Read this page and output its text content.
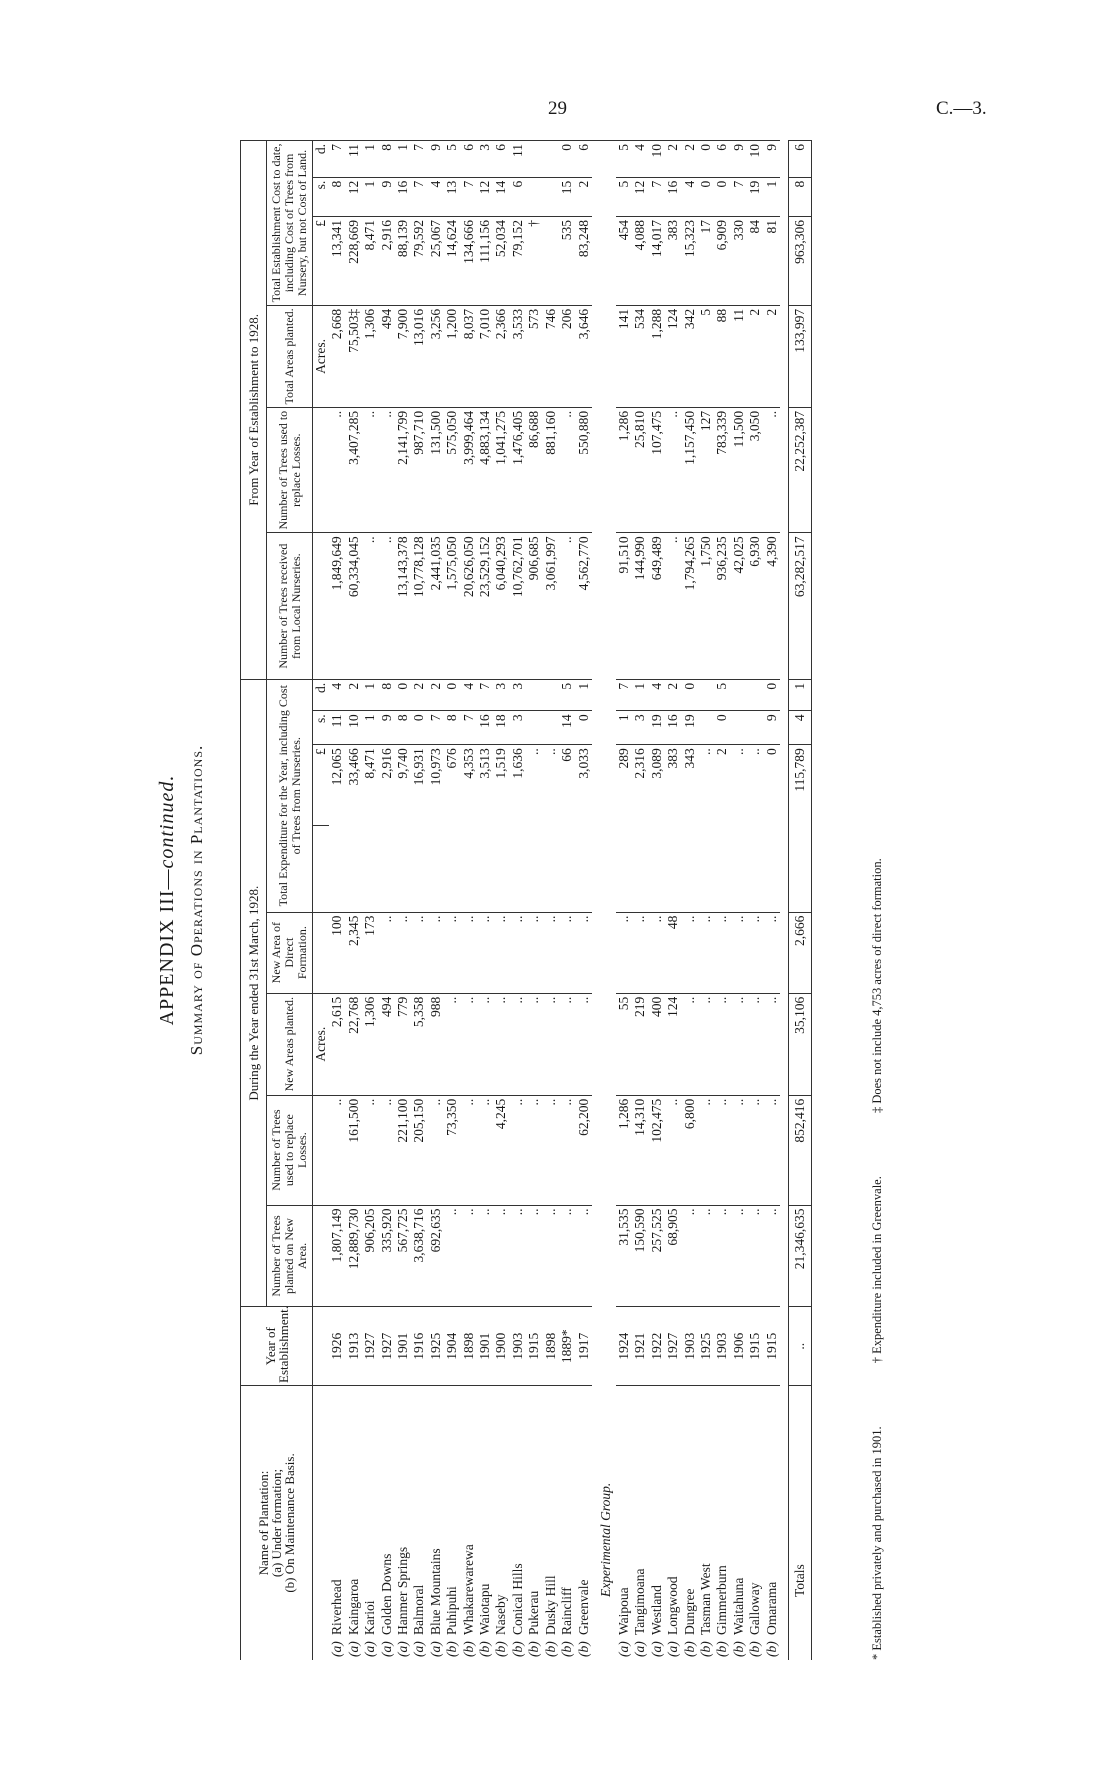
29	C.—3.
APPENDIX III—continued. Summary of Operations in Plantations.
Name of Plantation:
(a) Under formation;
(b) On Maintenance Basis.	Year of Establishment.	During the Year ended 31st March, 1928.								From Year of Establishment to 1928.					
		Number of Trees planted on New Area.	Number of Trees used to replace Losses.	New Areas planted.	New Area of Direct Formation.	Total Expenditure for the Year, including Cost of Trees from Nurseries.				Number of Trees received from Local Nurseries.	Number of Trees used to replace Losses.	Total Areas planted.	Total Establishment Cost to date, including Cost of Trees from Nursery, but not Cost of Land.		
				Acres.			£	s.	d.			Acres.	£	s.	d.
(a)Riverhead	1926	1,807,149	..	2,615	100	12,065		11	4	1,849,649	..	2,668	13,341	8	7
(a)Kaingaroa	1913	12,889,730	161,500	22,768	2,345	33,466		10	2	60,334,045	3,407,285	75,503‡	228,669	12	11
(a)Karioi	1927	906,205	..	1,306	173	8,471		1	1	..	..	1,306	8,471	1	1
(a)Golden Downs	1927	335,920	..	494	..	2,916		9	8	..	..	494	2,916	9	8
(a)Hanmer Springs	1901	567,725	221,100	779	..	9,740		8	0	13,143,378	2,141,799	7,900	88,139	16	1
(a)Balmoral	1916	3,638,716	205,150	5,358	..	16,931		0	2	10,778,128	987,710	13,016	79,592	7	7
(a)Blue Mountains	1925	692,635	..	988	..	10,973		7	2	2,441,035	131,500	3,256	25,067	4	9
(b)Puhipuhi	1904	..	73,350	..	..	676		8	0	1,575,050	575,050	1,200	14,624	13	5
(b)Whakarewarewa	1898	..	..	..	..	4,353		7	4	20,626,050	3,999,464	8,037	134,666	7	6
(b)Waiotapu	1901	..	..	..	..	3,513		16	7	23,529,152	4,883,134	7,010	111,156	12	3
(b)Naseby	1900	..	4,245	..	..	1,519		18	3	6,040,293	1,041,275	2,366	52,034	14	6
(b)Conical Hills	1903	..	..	..	..	1,636		3	3	10,762,701	1,476,405	3,533	79,152	6	11
(b)Pukerau	1915	..	..	..	..	..				906,685	86,688	573	†		
(b)Dusky Hill	1898	..	..	..	..	..				3,061,997	881,160	746			
(b)Raincliff	1889*	..	..	..	..	66		14	5	..	..	206	535	15	0
(b)Greenvale	1917	..	62,200	..	..	3,033		0	1	4,562,770	550,880	3,646	83,248	2	6
Experimental Group.															
(a)Waipoua	1924	31,535	1,286	55	..	289		1	7	91,510	1,286	141	454	5	5
(a)Tangimoana	1921	150,590	14,310	219	..	2,316		3	1	144,990	25,810	534	4,088	12	4
(a)Westland	1922	257,525	102,475	400	..	3,089		19	4	649,489	107,475	1,288	14,017	7	10
(a)Longwood	1927	68,905	..	124	48	383		16	2	..	..	124	383	16	2
(b)Dungree	1903	..	6,800	..	..	343		19	0	1,794,265	1,157,450	342	15,323	4	2
(b)Tasman West	1925	..	..	..	..	..				1,750	127	5	17	0	0
(b)Gimmerburn	1903	..	..	..	..	2		0	5	936,235	783,339	88	6,909	0	6
(b)Waitahuna	1906	..	..	..	..	..				42,025	11,500	11	330	7	9
(b)Galloway	1915	..	..	..	..	..				6,930	3,050	2	84	19	10
(b)Omarama	1915	..	..	..	..	0		9	0	4,390	..	2	81	1	9

Totals	..	21,346,635	852,416	35,106	2,666	115,789		4	1	63,282,517	22,252,387	133,997	963,306	8	6
* Established privately and purchased in 1901. † Expenditure included in Greenvale. ‡ Does not include 4,753 acres of direct formation.
